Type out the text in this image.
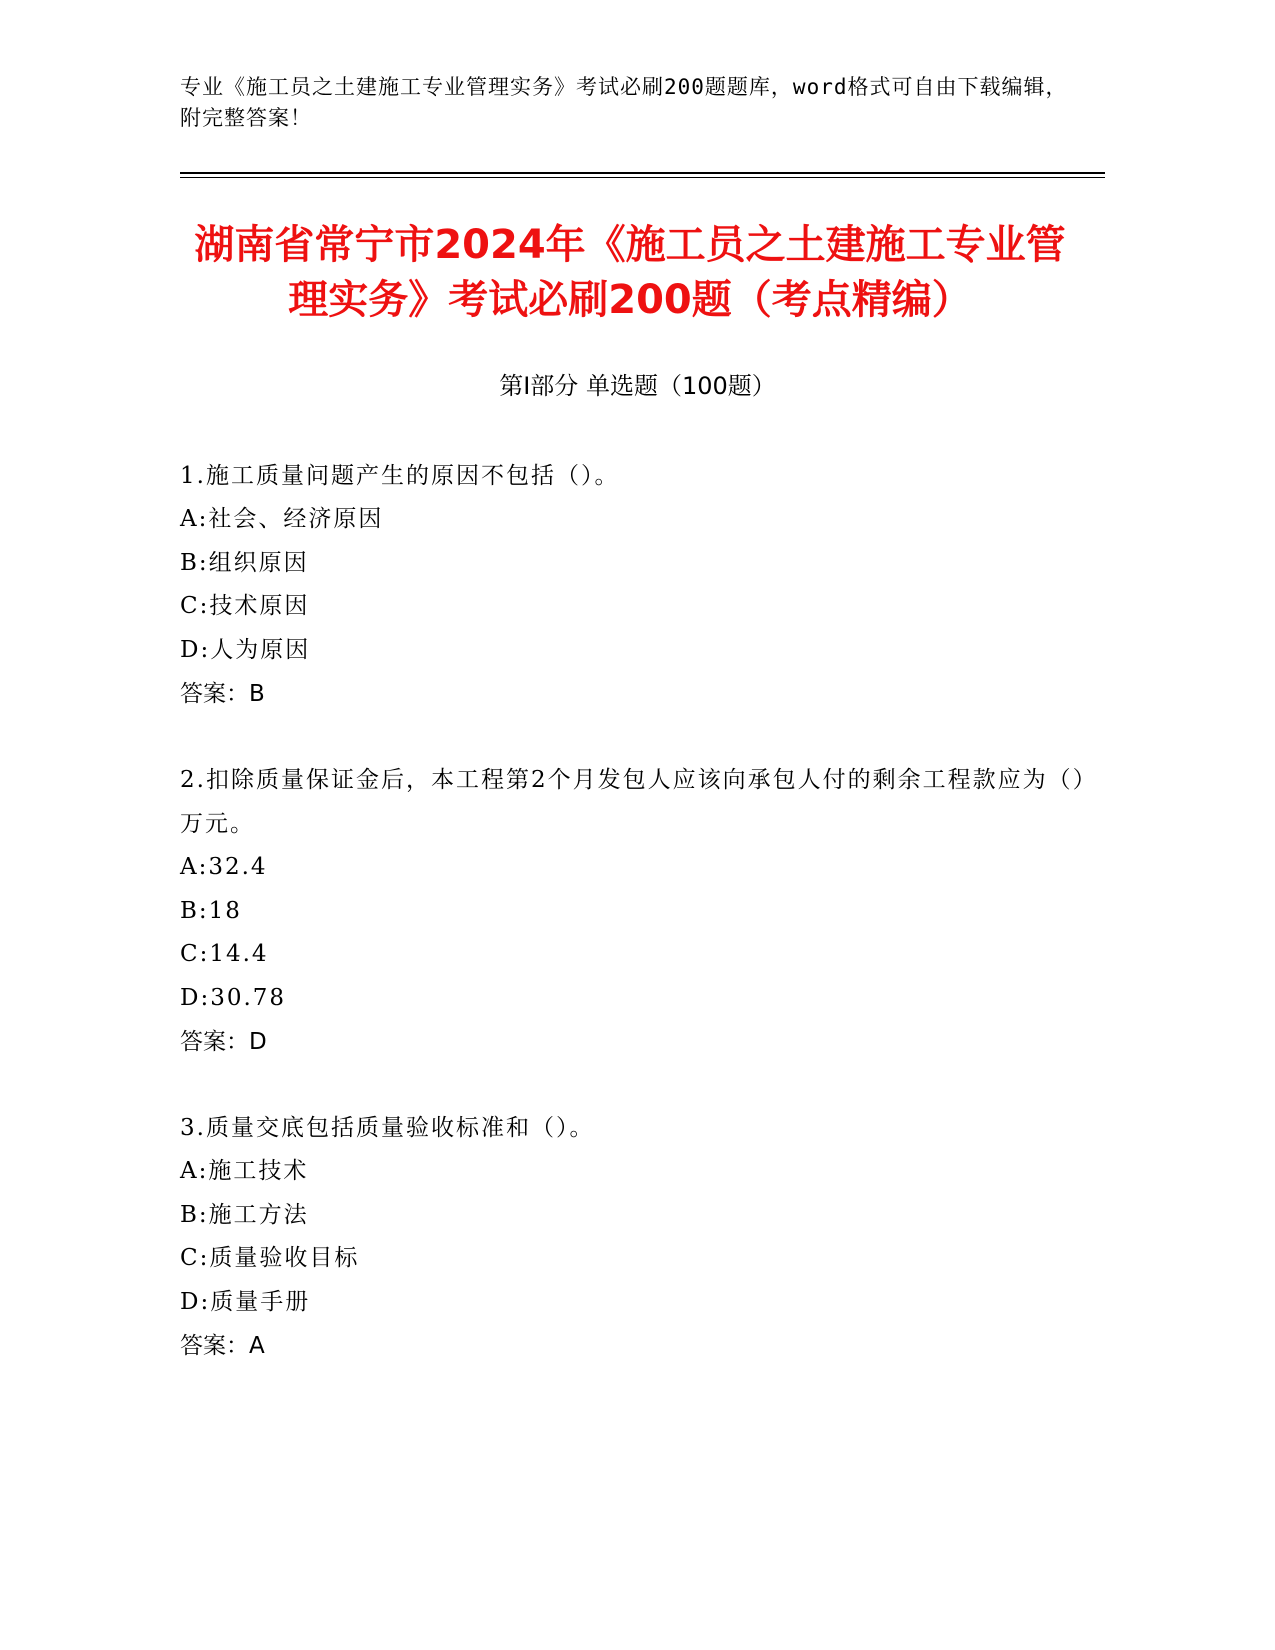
专业《施工员之土建施工专业管理实务》考试必刷200题题库，word格式可自由下载编辑，附完整答案！
湖南省常宁市2024年《施工员之土建施工专业管理实务》考试必刷200题（考点精编）
第Ⅰ部分 单选题（100题）
1.施工质量问题产生的原因不包括（）。
A:社会、经济原因
B:组织原因
C:技术原因
D:人为原因
答案：B
2.扣除质量保证金后，本工程第2个月发包人应该向承包人付的剩余工程款应为（）万元。
A:32.4
B:18
C:14.4
D:30.78
答案：D
3.质量交底包括质量验收标准和（）。
A:施工技术
B:施工方法
C:质量验收目标
D:质量手册
答案：A
